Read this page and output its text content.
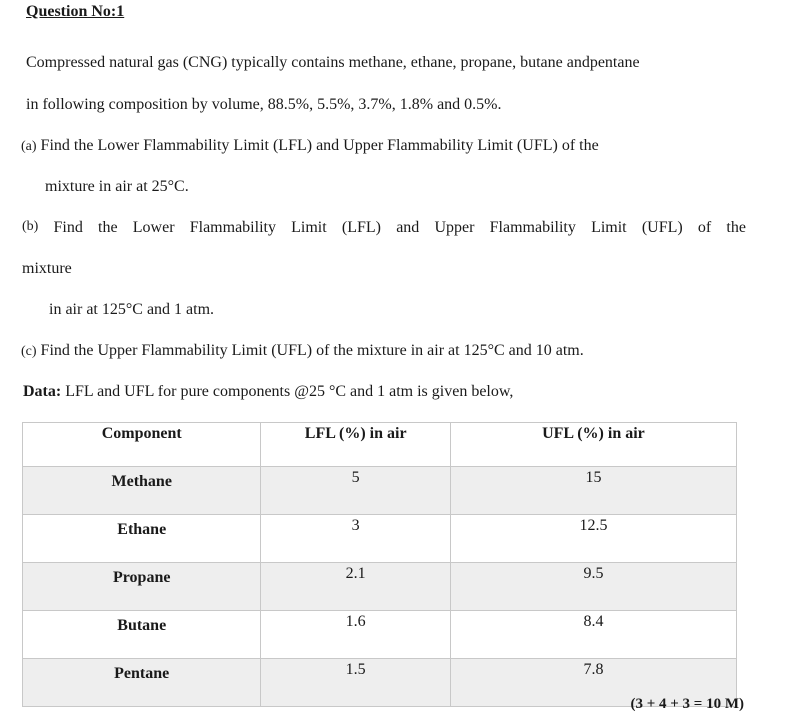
Question No:1
Compressed natural gas (CNG) typically contains methane, ethane, propane, butane andpentane
in following composition by volume, 88.5%, 5.5%, 3.7%, 1.8% and 0.5%.
(a) Find the Lower Flammability Limit (LFL) and Upper Flammability Limit (UFL) of the
mixture in air at 25°C.
(b) Find the Lower Flammability Limit (LFL) and Upper Flammability Limit (UFL) of the
mixture
in air at 125°C and 1 atm.
(c) Find the Upper Flammability Limit (UFL) of the mixture in air at 125°C and 10 atm.
Data: LFL and UFL for pure components @25 °C and 1 atm is given below,
Component	LFL (%) in air	UFL (%) in air
Methane	5	15
Ethane	3	12.5
Propane	2.1	9.5
Butane	1.6	8.4
Pentane	1.5	7.8
(3 + 4 + 3 = 10 M)
